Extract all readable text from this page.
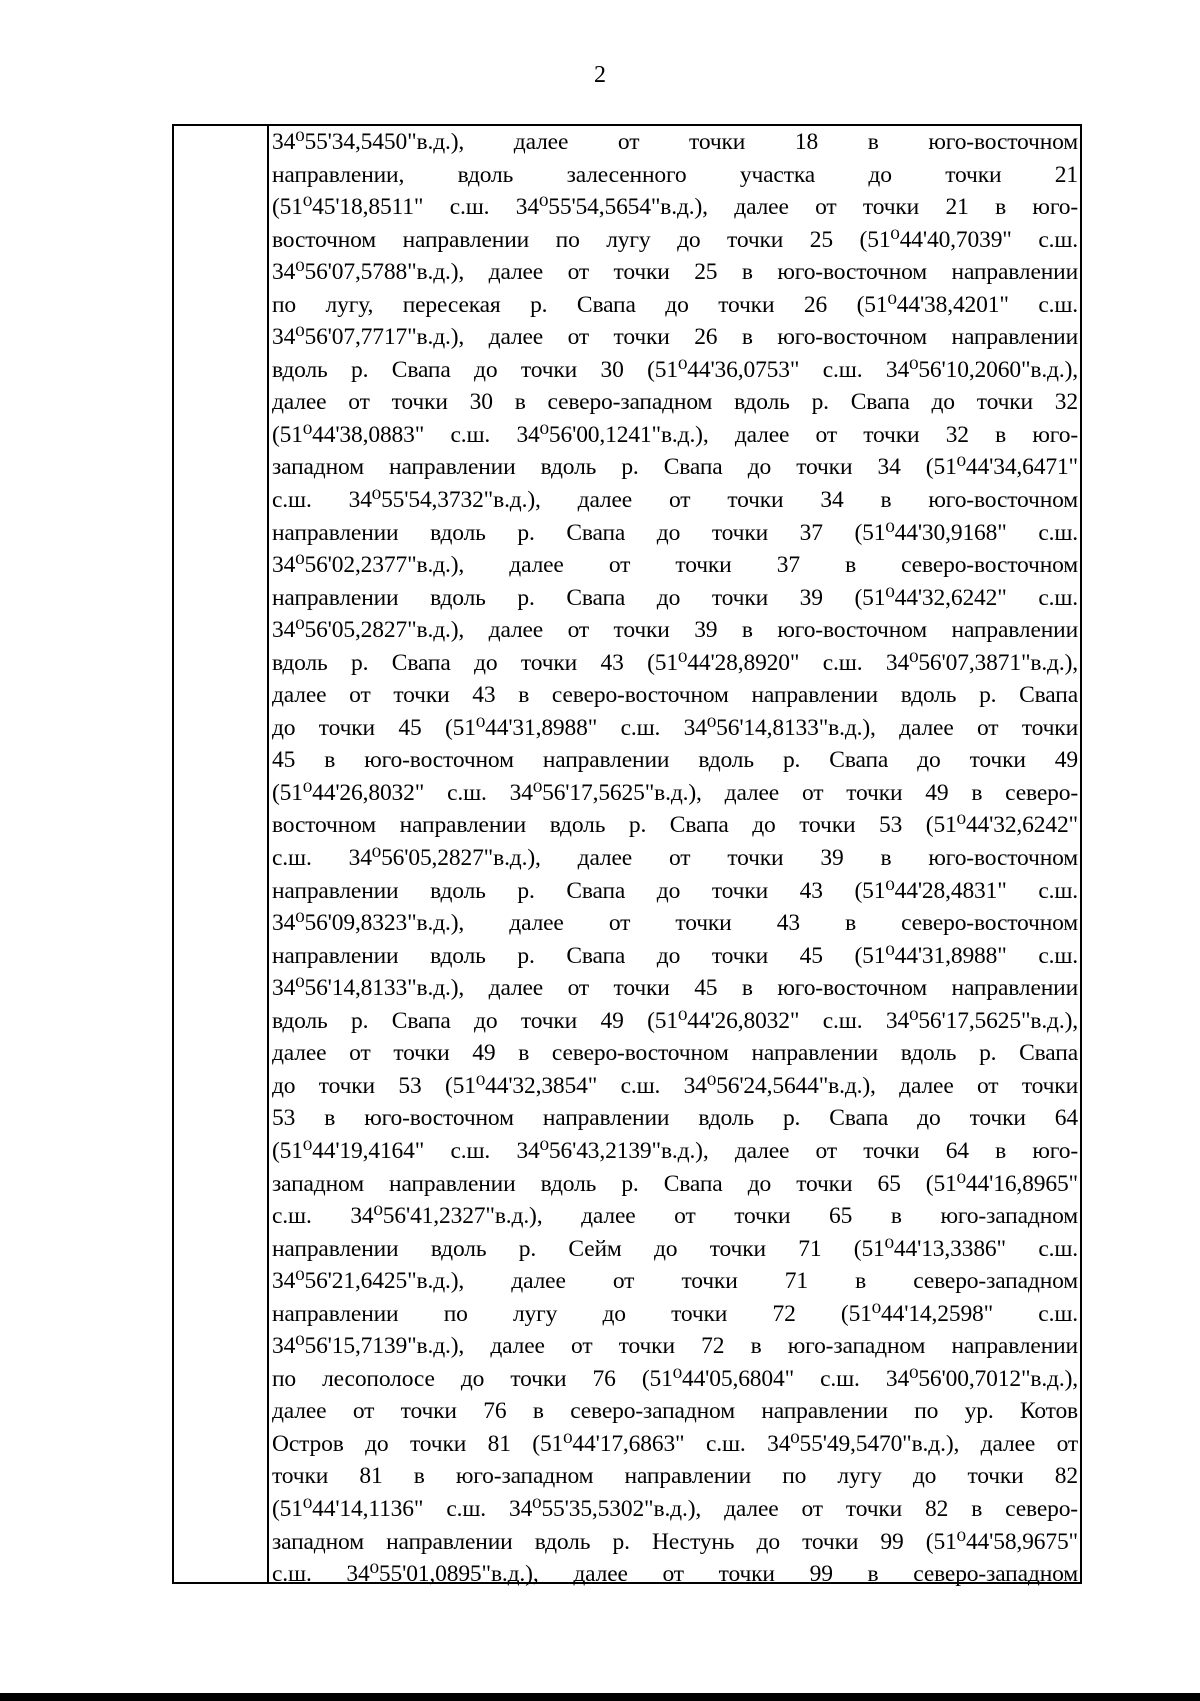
2
34⁰55'34,5450"в.д.), далее от точки 18 в юго-восточном
направлении, вдоль залесенного участка до точки 21
(51⁰45'18,8511" с.ш. 34⁰55'54,5654"в.д.), далее от точки 21 в юго-
восточном направлении по лугу до точки 25 (51⁰44'40,7039" с.ш.
34⁰56'07,5788"в.д.), далее от точки 25 в юго-восточном направлении
по лугу, пересекая р. Свапа до точки 26 (51⁰44'38,4201" с.ш.
34⁰56'07,7717"в.д.), далее от точки 26 в юго-восточном направлении
вдоль р. Свапа до точки 30 (51⁰44'36,0753" с.ш. 34⁰56'10,2060"в.д.),
далее от точки 30 в северо-западном вдоль р. Свапа до точки 32
(51⁰44'38,0883" с.ш. 34⁰56'00,1241"в.д.), далее от точки 32 в юго-
западном направлении вдоль р. Свапа до точки 34 (51⁰44'34,6471"
с.ш. 34⁰55'54,3732"в.д.), далее от точки 34 в юго-восточном
направлении вдоль р. Свапа до точки 37 (51⁰44'30,9168" с.ш.
34⁰56'02,2377"в.д.), далее от точки 37 в северо-восточном
направлении вдоль р. Свапа до точки 39 (51⁰44'32,6242" с.ш.
34⁰56'05,2827"в.д.), далее от точки 39 в юго-восточном направлении
вдоль р. Свапа до точки 43 (51⁰44'28,8920" с.ш. 34⁰56'07,3871"в.д.),
далее от точки 43 в северо-восточном направлении вдоль р. Свапа
до точки 45 (51⁰44'31,8988" с.ш. 34⁰56'14,8133"в.д.), далее от точки
45 в юго-восточном направлении вдоль р. Свапа до точки 49
(51⁰44'26,8032" с.ш. 34⁰56'17,5625"в.д.), далее от точки 49 в северо-
восточном направлении вдоль р. Свапа до точки 53 (51⁰44'32,6242"
с.ш. 34⁰56'05,2827"в.д.), далее от точки 39 в юго-восточном
направлении вдоль р. Свапа до точки 43 (51⁰44'28,4831" с.ш.
34⁰56'09,8323"в.д.), далее от точки 43 в северо-восточном
направлении вдоль р. Свапа до точки 45 (51⁰44'31,8988" с.ш.
34⁰56'14,8133"в.д.), далее от точки 45 в юго-восточном направлении
вдоль р. Свапа до точки 49 (51⁰44'26,8032" с.ш. 34⁰56'17,5625"в.д.),
далее от точки 49 в северо-восточном направлении вдоль р. Свапа
до точки 53 (51⁰44'32,3854" с.ш. 34⁰56'24,5644"в.д.), далее от точки
53 в юго-восточном направлении вдоль р. Свапа до точки 64
(51⁰44'19,4164" с.ш. 34⁰56'43,2139"в.д.), далее от точки 64 в юго-
западном направлении вдоль р. Свапа до точки 65 (51⁰44'16,8965"
с.ш. 34⁰56'41,2327"в.д.), далее от точки 65 в юго-западном
направлении вдоль р. Сейм до точки 71 (51⁰44'13,3386" с.ш.
34⁰56'21,6425"в.д.), далее от точки 71 в северо-западном
направлении по лугу до точки 72 (51⁰44'14,2598" с.ш.
34⁰56'15,7139"в.д.), далее от точки 72 в юго-западном направлении
по лесополосе до точки 76 (51⁰44'05,6804" с.ш. 34⁰56'00,7012"в.д.),
далее от точки 76 в северо-западном направлении по ур. Котов
Остров до точки 81 (51⁰44'17,6863" с.ш. 34⁰55'49,5470"в.д.), далее от
точки 81 в юго-западном направлении по лугу до точки 82
(51⁰44'14,1136" с.ш. 34⁰55'35,5302"в.д.), далее от точки 82 в северо-
западном направлении вдоль р. Нестунь до точки 99 (51⁰44'58,9675"
с.ш. 34⁰55'01,0895"в.д.), далее от точки 99 в северо-западном
